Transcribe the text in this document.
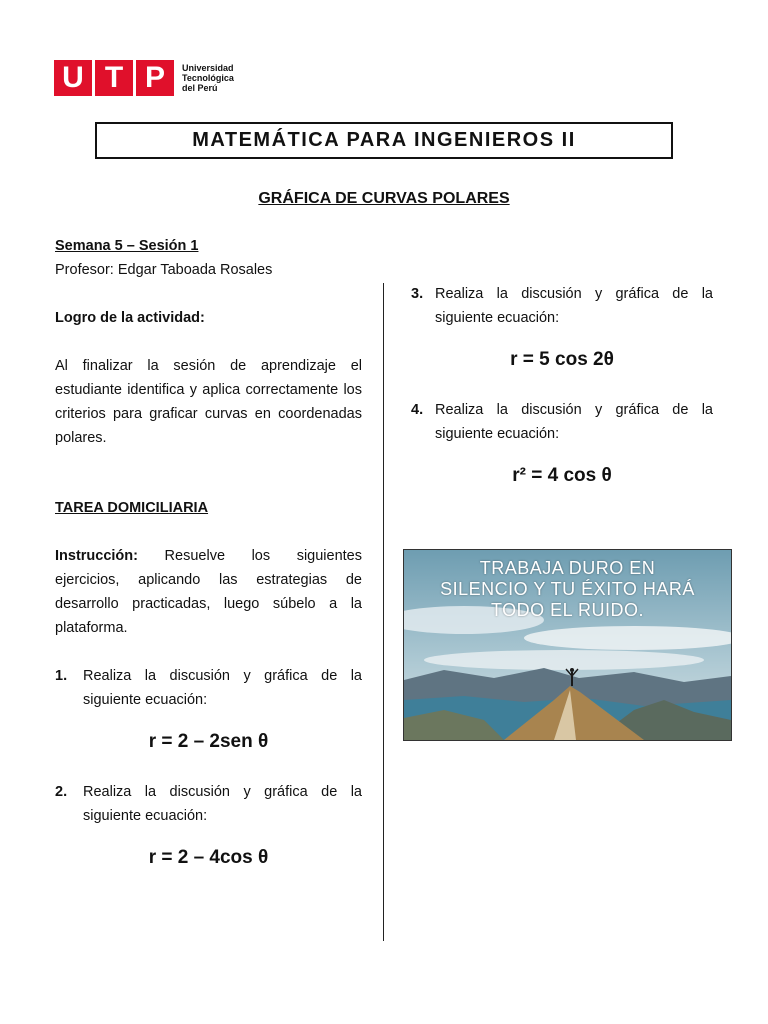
U T P	Universidad
Tecnológica
del Perú
MATEMÁTICA PARA INGENIEROS II
GRÁFICA DE CURVAS POLARES
Semana 5 – Sesión 1
Profesor: Edgar Taboada Rosales
Logro de la actividad:
Al finalizar la sesión de aprendizaje el estudiante identifica y aplica correctamente los criterios para graficar curvas en coordenadas polares.
TAREA DOMICILIARIA
Instrucción: Resuelve los siguientes ejercicios, aplicando las estrategias de desarrollo practicadas, luego súbelo a la plataforma.
1.	Realiza la discusión y gráfica de la siguiente ecuación:
r = 2 – 2sen θ
2.	Realiza la discusión y gráfica de la siguiente ecuación:
r = 2 – 4cos θ
3. Realiza la discusión y gráfica de la siguiente ecuación:
r = 5 cos 2θ
4. Realiza la discusión y gráfica de la siguiente ecuación:
r² = 4 cos θ
TRABAJA DURO EN
SILENCIO Y TU ÉXITO HARÁ
TODO EL RUIDO.
